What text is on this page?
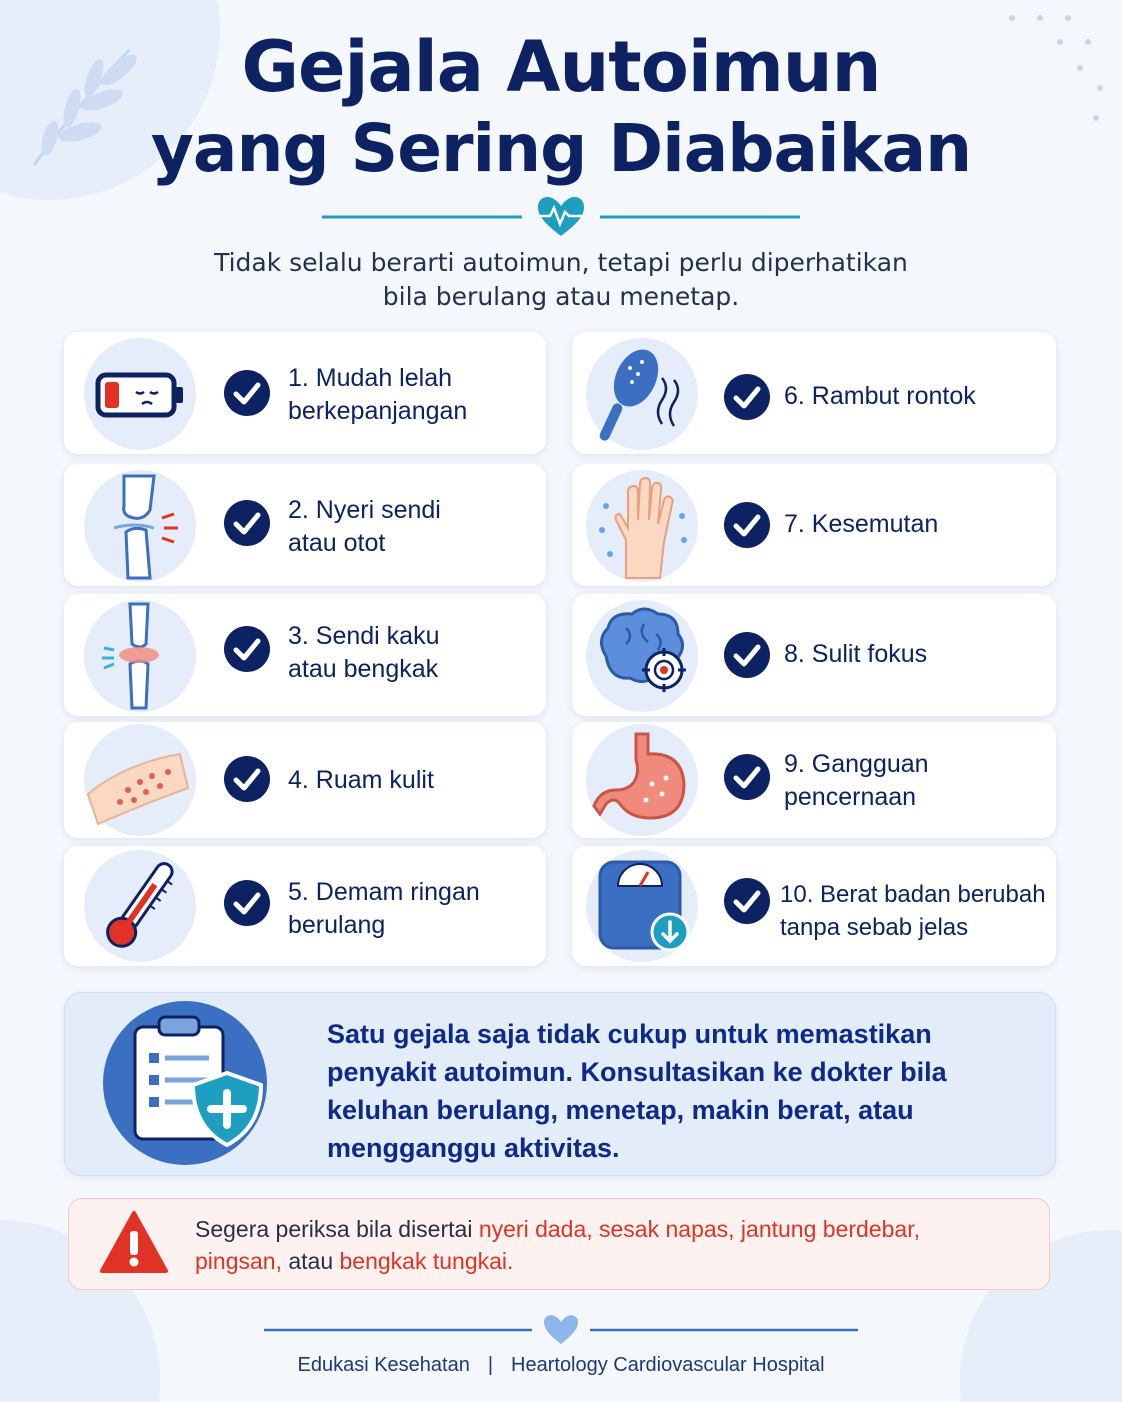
Gejala Autoimun
yang Sering Diabaikan
Tidak selalu berarti autoimun, tetapi perlu diperhatikan
bila berulang atau menetap.
1. Mudah lelah
berkepanjangan
2. Nyeri sendi
atau otot
3. Sendi kaku
atau bengkak
4. Ruam kulit
5. Demam ringan
berulang
6. Rambut rontok
7. Kesemutan
8. Sulit fokus
9. Gangguan
pencernaan
10. Berat badan berubah
tanpa sebab jelas
Satu gejala saja tidak cukup untuk memastikan
penyakit autoimun. Konsultasikan ke dokter bila
keluhan berulang, menetap, makin berat, atau
mengganggu aktivitas.
Segera periksa bila disertai nyeri dada, sesak napas, jantung berdebar,
pingsan, atau bengkak tungkai.
Edukasi Kesehatan | Heartology Cardiovascular Hospital
